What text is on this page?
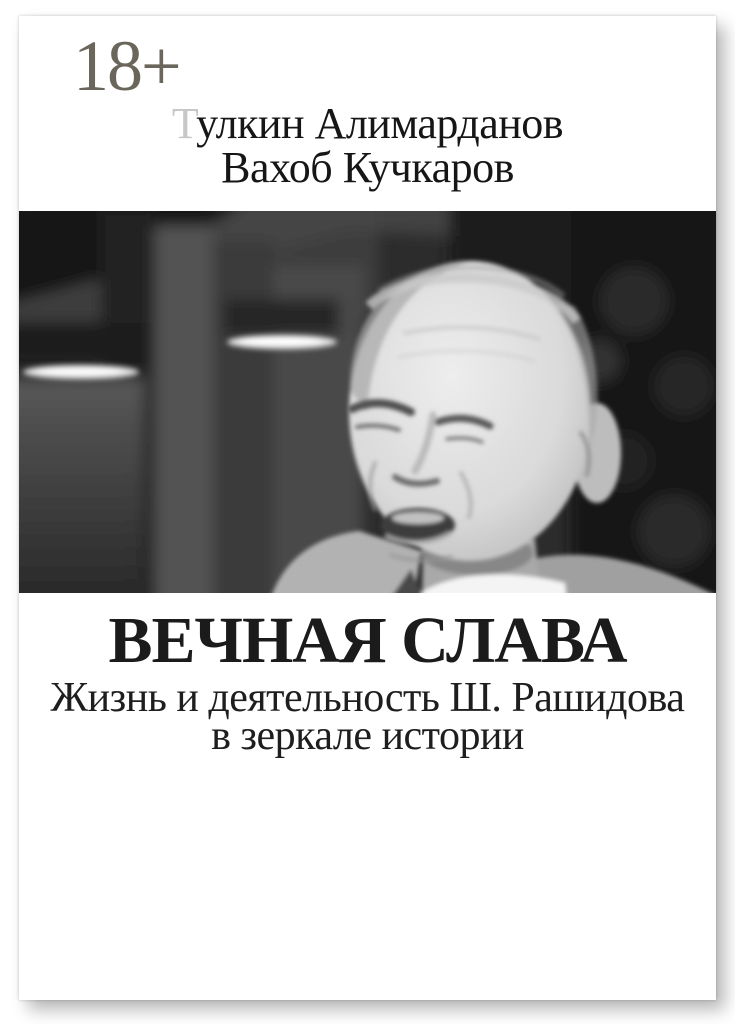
18+
Тулкин Алимарданов
Вахоб Кучкаров
ВЕЧНАЯ СЛАВА
Жизнь и деятельность Ш. Рашидова
в зеркале истории
